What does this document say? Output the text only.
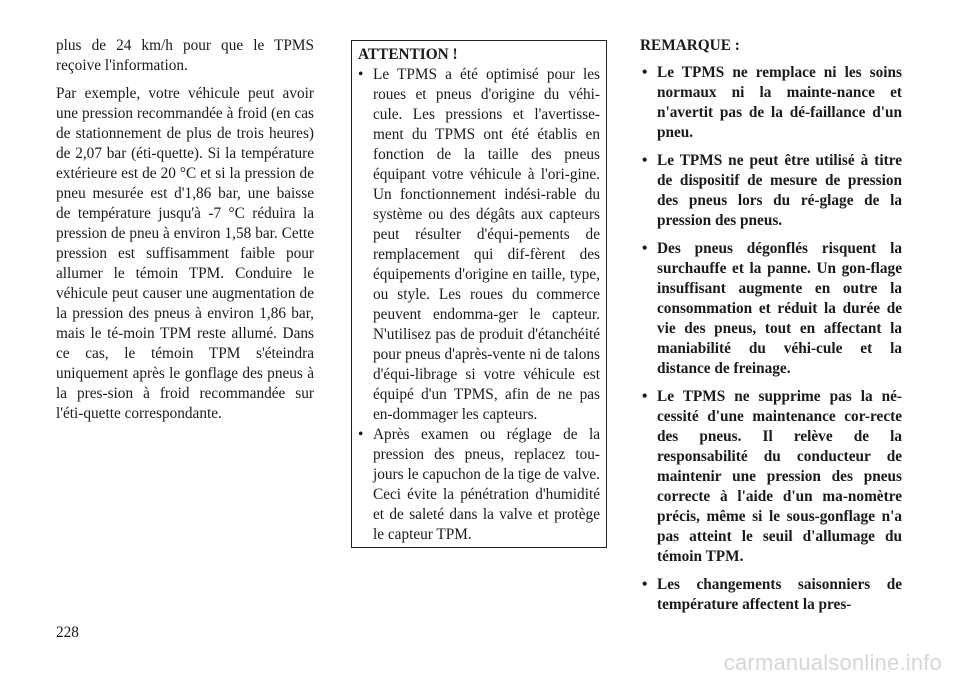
plus de 24 km/h pour que le TPMS reçoive l'information.

Par exemple, votre véhicule peut avoir une pression recommandée à froid (en cas de stationnement de plus de trois heures) de 2,07 bar (éti-quette). Si la température extérieure est de 20 °C et si la pression de pneu mesurée est d'1,86 bar, une baisse de température jusqu'à -7 °C réduira la pression de pneu à environ 1,58 bar. Cette pression est suffisamment faible pour allumer le témoin TPM. Conduire le véhicule peut causer une augmentation de la pression des pneus à environ 1,86 bar, mais le té-moin TPM reste allumé. Dans ce cas, le témoin TPM s'éteindra uniquement après le gonflage des pneus à la pres-sion à froid recommandée sur l'éti-quette correspondante.

ATTENTION !

• Le TPMS a été optimisé pour les roues et pneus d'origine du véhi-cule. Les pressions et l'avertisse-ment du TPMS ont été établis en fonction de la taille des pneus équipant votre véhicule à l'ori-gine. Un fonctionnement indési-rable du système ou des dégâts aux capteurs peut résulter d'équi-pements de remplacement qui dif-fèrent des équipements d'origine en taille, type, ou style. Les roues du commerce peuvent endomma-ger le capteur. N'utilisez pas de produit d'étanchéité pour pneus d'après-vente ni de talons d'équi-librage si votre véhicule est équipé d'un TPMS, afin de ne pas en-dommager les capteurs.
• Après examen ou réglage de la pression des pneus, replacez tou-jours le capuchon de la tige de valve. Ceci évite la pénétration d'humidité et de saleté dans la valve et protège le capteur TPM.

REMARQUE :

• Le TPMS ne remplace ni les soins normaux ni la mainte-nance et n'avertit pas de la dé-faillance d'un pneu.
• Le TPMS ne peut être utilisé à titre de dispositif de mesure de pression des pneus lors du ré-glage de la pression des pneus.
• Des pneus dégonflés risquent la surchauffe et la panne. Un gon-flage insuffisant augmente en outre la consommation et réduit la durée de vie des pneus, tout en affectant la maniabilité du véhi-cule et la distance de freinage.
• Le TPMS ne supprime pas la né-cessité d'une maintenance cor-recte des pneus. Il relève de la responsabilité du conducteur de maintenir une pression des pneus correcte à l'aide d'un ma-nomètre précis, même si le sous-gonflage n'a pas atteint le seuil d'allumage du témoin TPM.
• Les changements saisonniers de température affectent la pres-
228
carmanualsonline.info
